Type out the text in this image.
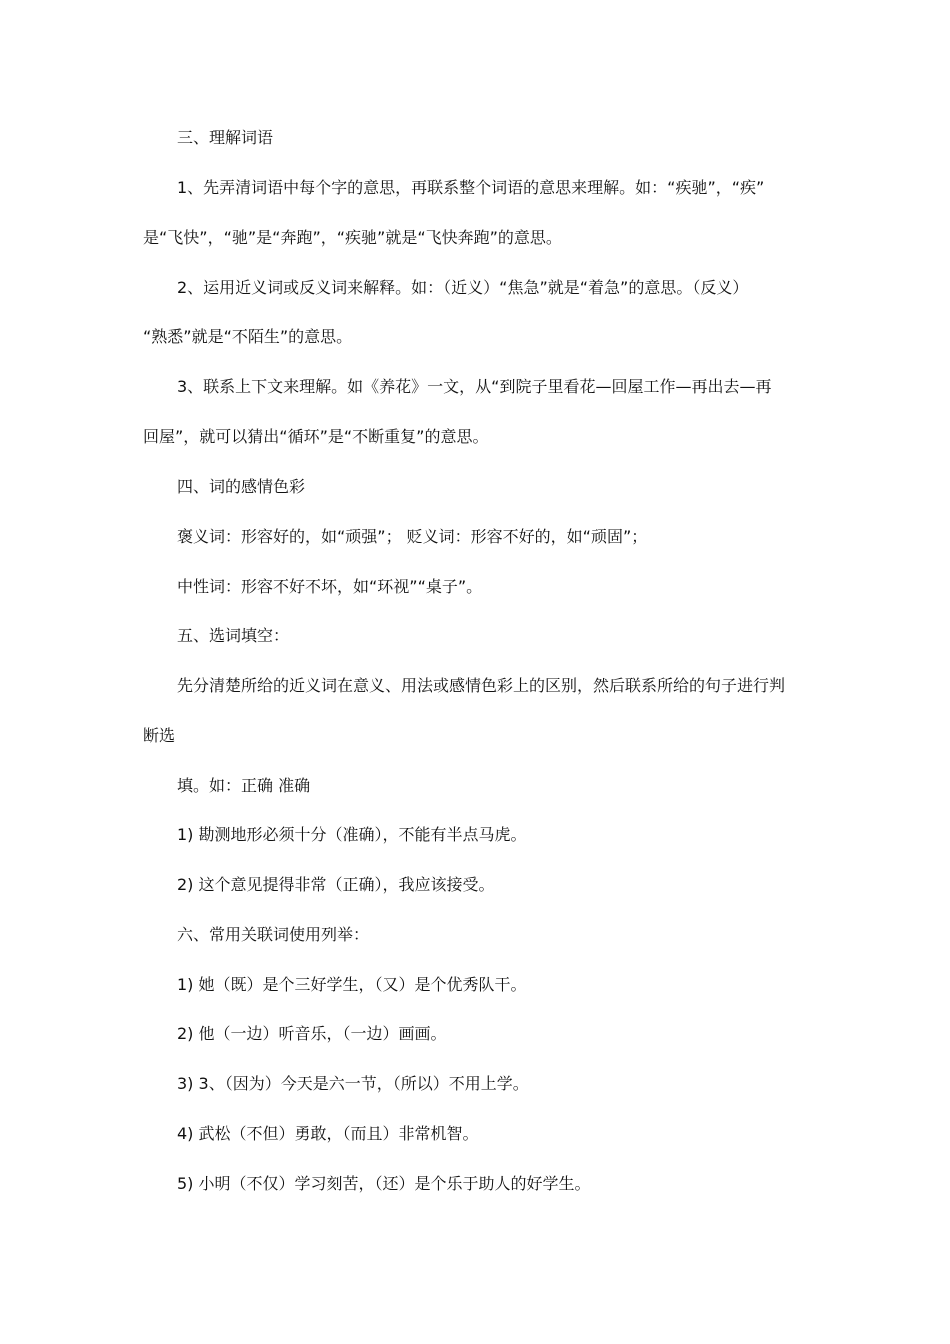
三、理解词语
1、先弄清词语中每个字的意思，再联系整个词语的意思来理解。如：“疾驰”，“疾”
是“飞快”，“驰”是“奔跑”，“疾驰”就是“飞快奔跑”的意思。
2、运用近义词或反义词来解释。如：（近义）“焦急”就是“着急”的意思。（反义）
“熟悉”就是“不陌生”的意思。
3、联系上下文来理解。如《养花》一文，从“到院子里看花—回屋工作—再出去—再
回屋”，就可以猜出“循环”是“不断重复”的意思。
四、词的感情色彩
褒义词：形容好的，如“顽强”； 贬义词：形容不好的，如“顽固”；
中性词：形容不好不坏，如“环视”“桌子”。
五、选词填空：
先分清楚所给的近义词在意义、用法或感情色彩上的区别，然后联系所给的句子进行判
断选
填。如：正确 准确
1) 勘测地形必须十分（准确），不能有半点马虎。
2) 这个意见提得非常（正确），我应该接受。
六、常用关联词使用列举：
1) 她（既）是个三好学生，（又）是个优秀队干。
2) 他（一边）听音乐，（一边）画画。
3) 3、（因为）今天是六一节，（所以）不用上学。
4) 武松（不但）勇敢，（而且）非常机智。
5) 小明（不仅）学习刻苦，（还）是个乐于助人的好学生。
